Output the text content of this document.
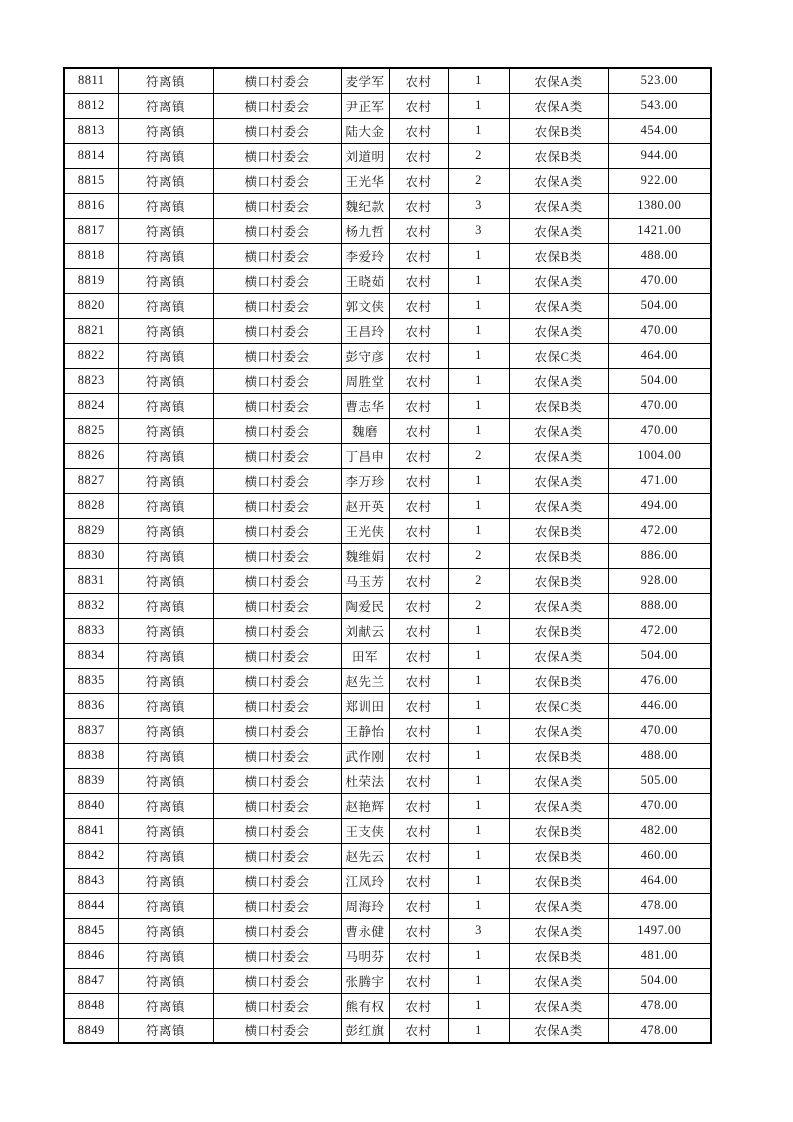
8811	符离镇	横口村委会	麦学军	农村	1	农保A类	523.00
8812	符离镇	横口村委会	尹正军	农村	1	农保A类	543.00
8813	符离镇	横口村委会	陆大金	农村	1	农保B类	454.00
8814	符离镇	横口村委会	刘道明	农村	2	农保B类	944.00
8815	符离镇	横口村委会	王光华	农村	2	农保A类	922.00
8816	符离镇	横口村委会	魏纪款	农村	3	农保A类	1380.00
8817	符离镇	横口村委会	杨九哲	农村	3	农保A类	1421.00
8818	符离镇	横口村委会	李爱玲	农村	1	农保B类	488.00
8819	符离镇	横口村委会	王晓茹	农村	1	农保A类	470.00
8820	符离镇	横口村委会	郭文侠	农村	1	农保A类	504.00
8821	符离镇	横口村委会	王昌玲	农村	1	农保A类	470.00
8822	符离镇	横口村委会	彭守彦	农村	1	农保C类	464.00
8823	符离镇	横口村委会	周胜堂	农村	1	农保A类	504.00
8824	符离镇	横口村委会	曹志华	农村	1	农保B类	470.00
8825	符离镇	横口村委会	魏磨	农村	1	农保A类	470.00
8826	符离镇	横口村委会	丁昌申	农村	2	农保A类	1004.00
8827	符离镇	横口村委会	李万珍	农村	1	农保A类	471.00
8828	符离镇	横口村委会	赵开英	农村	1	农保A类	494.00
8829	符离镇	横口村委会	王光侠	农村	1	农保B类	472.00
8830	符离镇	横口村委会	魏维娟	农村	2	农保B类	886.00
8831	符离镇	横口村委会	马玉芳	农村	2	农保B类	928.00
8832	符离镇	横口村委会	陶爱民	农村	2	农保A类	888.00
8833	符离镇	横口村委会	刘献云	农村	1	农保B类	472.00
8834	符离镇	横口村委会	田军	农村	1	农保A类	504.00
8835	符离镇	横口村委会	赵先兰	农村	1	农保B类	476.00
8836	符离镇	横口村委会	郑训田	农村	1	农保C类	446.00
8837	符离镇	横口村委会	王静怡	农村	1	农保A类	470.00
8838	符离镇	横口村委会	武作刚	农村	1	农保B类	488.00
8839	符离镇	横口村委会	杜荣法	农村	1	农保A类	505.00
8840	符离镇	横口村委会	赵艳辉	农村	1	农保A类	470.00
8841	符离镇	横口村委会	王支侠	农村	1	农保B类	482.00
8842	符离镇	横口村委会	赵先云	农村	1	农保B类	460.00
8843	符离镇	横口村委会	江凤玲	农村	1	农保B类	464.00
8844	符离镇	横口村委会	周海玲	农村	1	农保A类	478.00
8845	符离镇	横口村委会	曹永健	农村	3	农保A类	1497.00
8846	符离镇	横口村委会	马明芬	农村	1	农保B类	481.00
8847	符离镇	横口村委会	张腾宇	农村	1	农保A类	504.00
8848	符离镇	横口村委会	熊有权	农村	1	农保A类	478.00
8849	符离镇	横口村委会	彭红旗	农村	1	农保A类	478.00
